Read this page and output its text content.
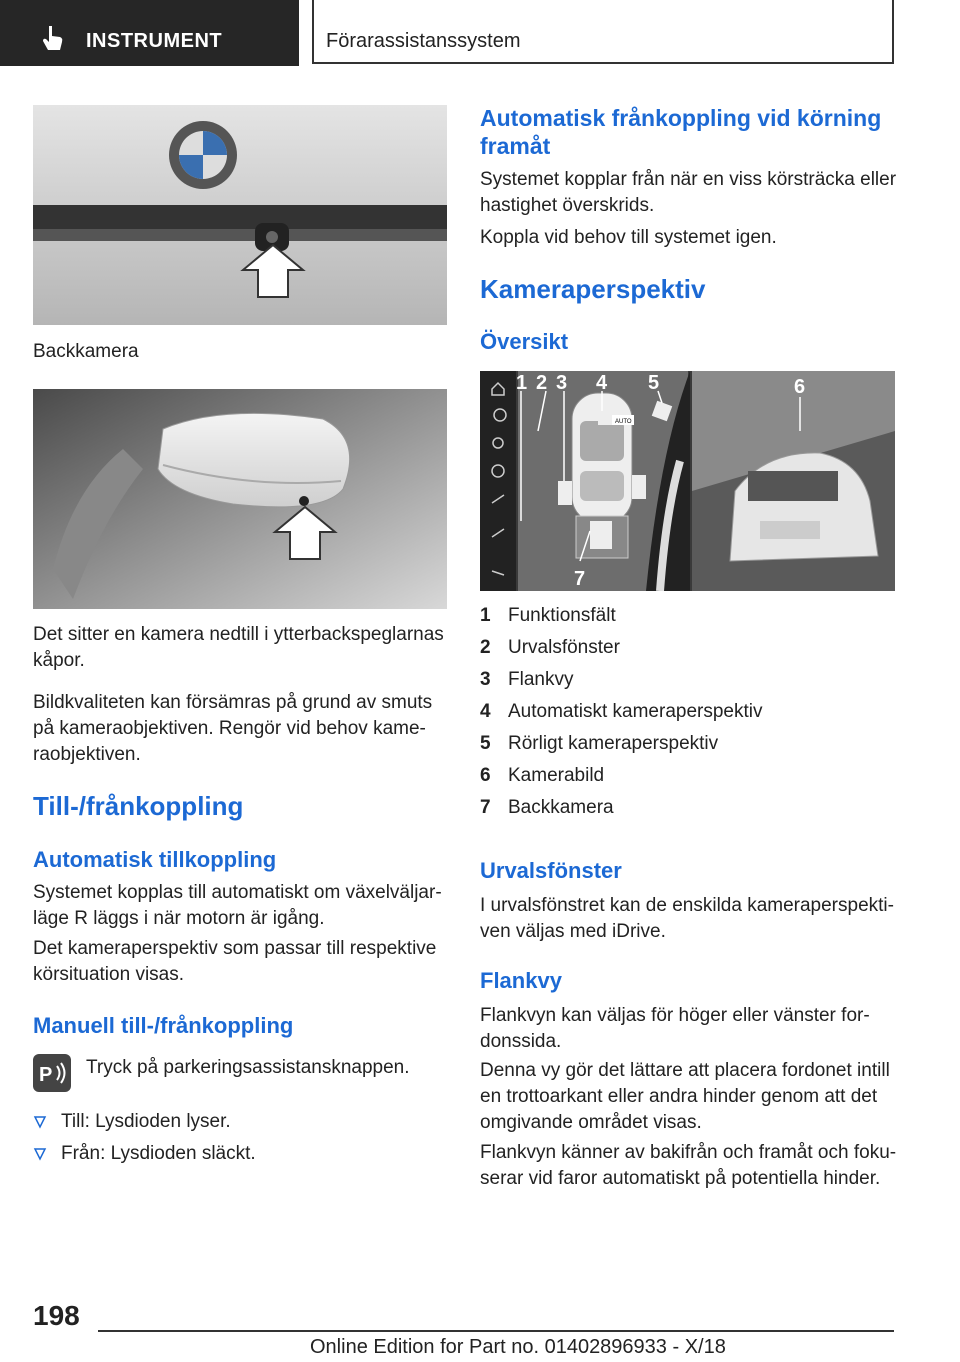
INSTRUMENT	Förarassistanssystem
Backkamera
Det sitter en kamera nedtill i ytterbackspeglarnas kåpor.
Bildkvaliteten kan försämras på grund av smuts på kameraobjektiven. Rengör vid behov kame-raobjektiven.
Till-/frånkoppling
Automatisk tillkoppling
Systemet kopplas till automatiskt om växelväljar-läge R läggs i när motorn är igång.
Det kameraperspektiv som passar till respektive körsituation visas.
Manuell till-/frånkoppling
P Tryck på parkeringsassistansknappen.
Till: Lysdioden lyser.
Från: Lysdioden släckt.
Automatisk frånkoppling vid körning framåt
Systemet kopplar från när en viss körsträcka eller hastighet överskrids.
Koppla vid behov till systemet igen.
Kameraperspektiv
Översikt
AUTO
1 2 3 4 5	6
7
1 Funktionsfält
2 Urvalsfönster
3 Flankvy
4 Automatiskt kameraperspektiv
5 Rörligt kameraperspektiv
6 Kamerabild
7 Backkamera
Urvalsfönster
I urvalsfönstret kan de enskilda kameraperspekti-ven väljas med iDrive.
Flankvy
Flankvyn kan väljas för höger eller vänster for-donssida.
Denna vy gör det lättare att placera fordonet intill en trottoarkant eller andra hinder genom att det omgivande området visas.
Flankvyn känner av bakifrån och framåt och foku-serar vid faror automatiskt på potentiella hinder.
198
Online Edition for Part no. 01402896933 - X/18
